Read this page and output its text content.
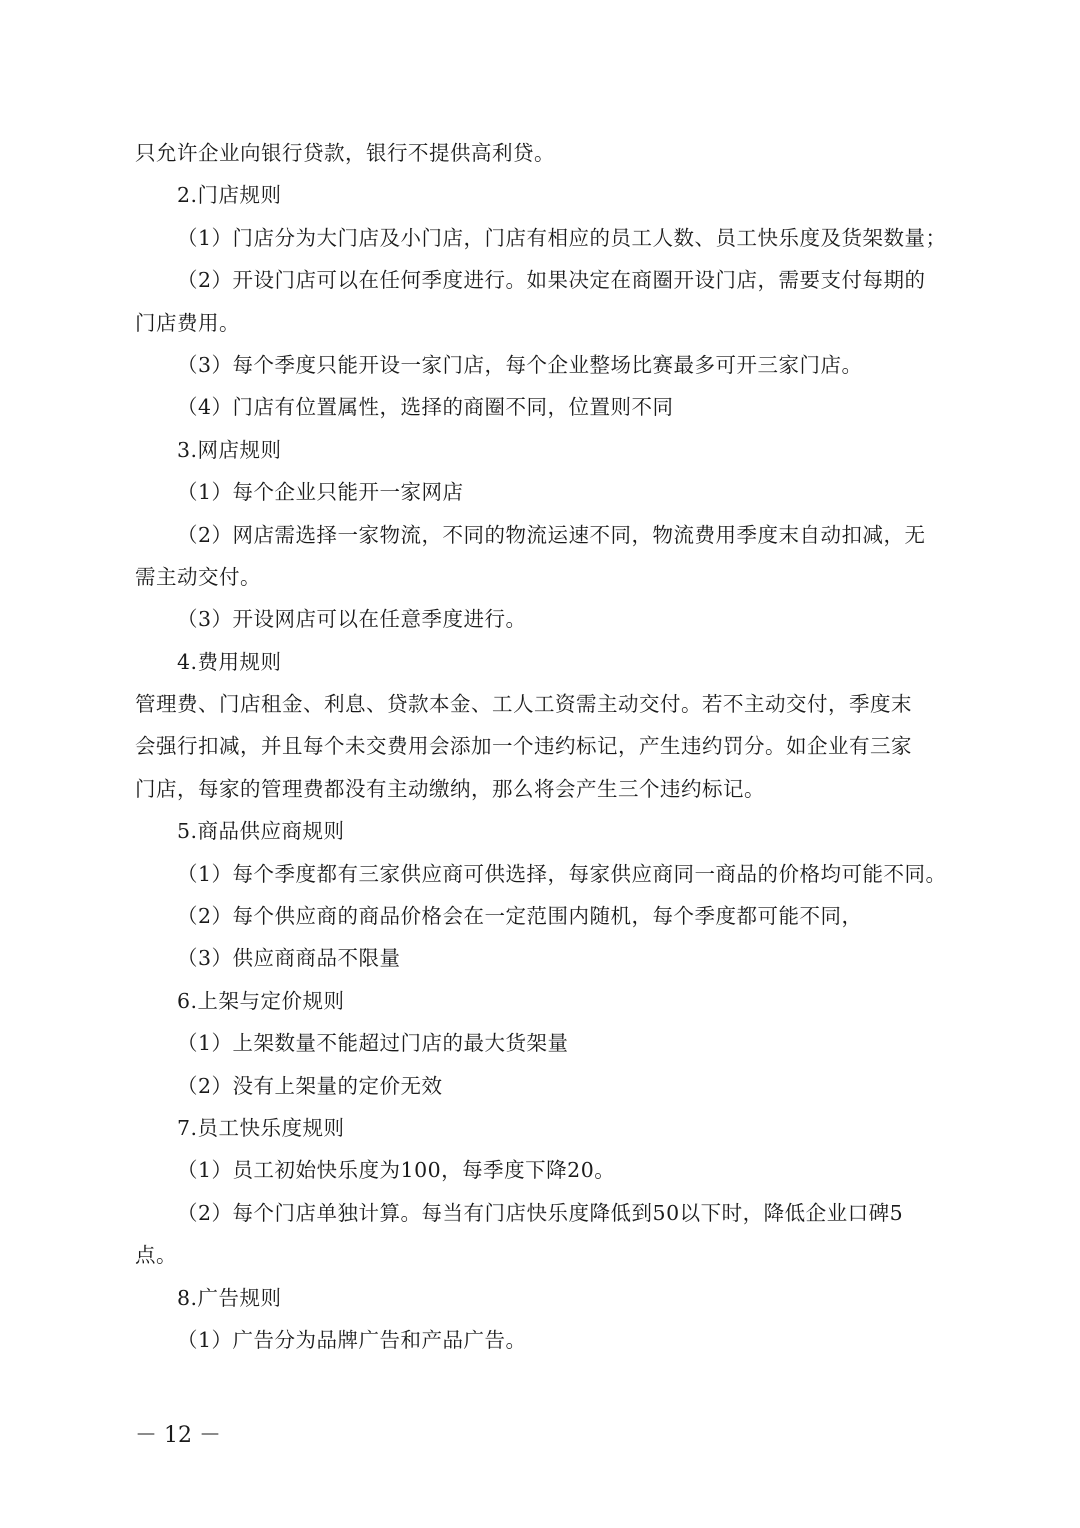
只允许企业向银行贷款，银行不提供高利贷。
2.门店规则
（1）门店分为大门店及小门店，门店有相应的员工人数、员工快乐度及货架数量；
（2）开设门店可以在任何季度进行。如果决定在商圈开设门店，需要支付每期的
门店费用。
（3）每个季度只能开设一家门店，每个企业整场比赛最多可开三家门店。
（4）门店有位置属性，选择的商圈不同，位置则不同
3.网店规则
（1）每个企业只能开一家网店
（2）网店需选择一家物流，不同的物流运速不同，物流费用季度末自动扣减，无
需主动交付。
（3）开设网店可以在任意季度进行。
4.费用规则
管理费、门店租金、利息、贷款本金、工人工资需主动交付。若不主动交付，季度末
会强行扣减，并且每个未交费用会添加一个违约标记，产生违约罚分。如企业有三家
门店，每家的管理费都没有主动缴纳，那么将会产生三个违约标记。
5.商品供应商规则
（1）每个季度都有三家供应商可供选择，每家供应商同一商品的价格均可能不同。
（2）每个供应商的商品价格会在一定范围内随机，每个季度都可能不同，
（3）供应商商品不限量
6.上架与定价规则
（1）上架数量不能超过门店的最大货架量
（2）没有上架量的定价无效
7.员工快乐度规则
（1）员工初始快乐度为100，每季度下降20。
（2）每个门店单独计算。每当有门店快乐度降低到50以下时，降低企业口碑5
点。
8.广告规则
（1）广告分为品牌广告和产品广告。
－ 12 －
